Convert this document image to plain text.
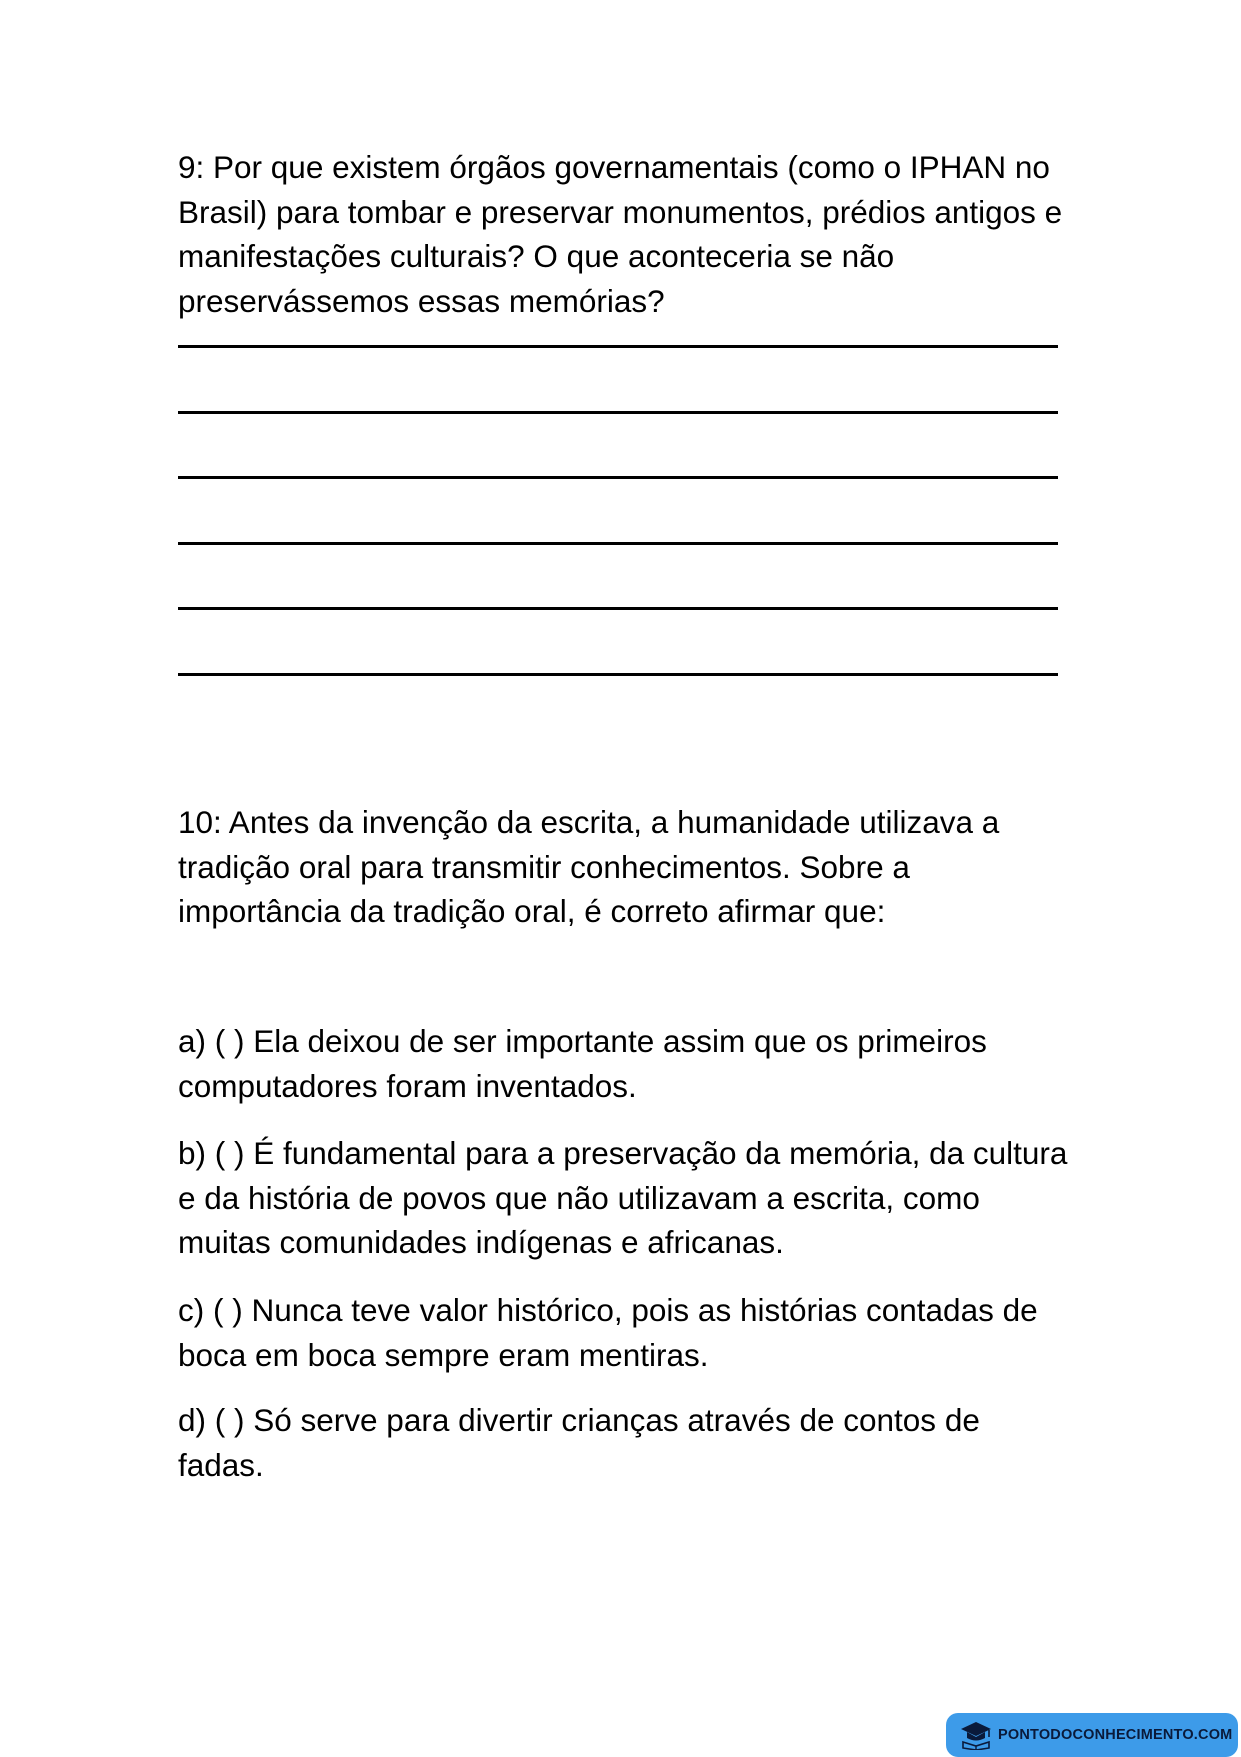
9: Por que existem órgãos governamentais (como o IPHAN no Brasil) para tombar e preservar monumentos, prédios antigos e manifestações culturais? O que aconteceria se não preservássemos essas memórias?

10: Antes da invenção da escrita, a humanidade utilizava a tradição oral para transmitir conhecimentos. Sobre a importância da tradição oral, é correto afirmar que:

a) ( ) Ela deixou de ser importante assim que os primeiros computadores foram inventados.

b) ( ) É fundamental para a preservação da memória, da cultura e da história de povos que não utilizavam a escrita, como muitas comunidades indígenas e africanas.

c) ( ) Nunca teve valor histórico, pois as histórias contadas de boca em boca sempre eram mentiras.

d) ( ) Só serve para divertir crianças através de contos de fadas.

PONTODOCONHECIMENTO.COM
